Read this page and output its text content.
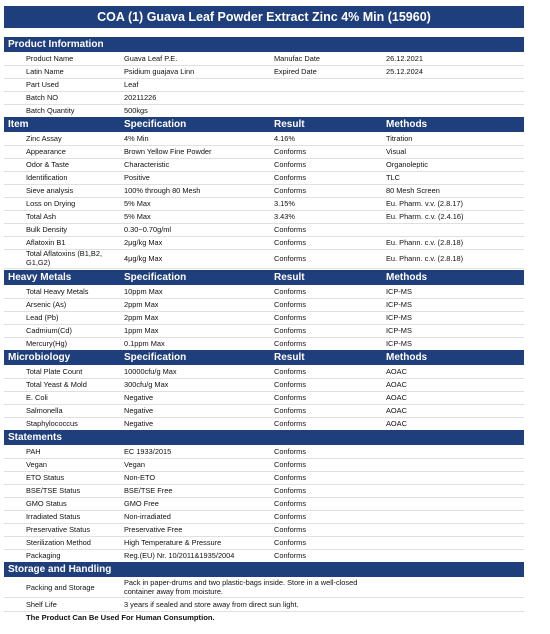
COA (1) Guava Leaf Powder Extract Zinc 4% Min (15960)
Product Information
Product Name	Guava Leaf P.E.	Manufac Date	26.12.2021
Latin Name	Psidium guajava Linn	Expired Date	25.12.2024
Part Used	Leaf
Batch NO	20211226
Batch Quantity	500kgs
Item	Specification	Result	Methods
Zinc Assay	4% Min	4.16%	Titration
Appearance	Brown Yellow Fine Powder	Conforms	Visual
Odor & Taste	Characteristic	Conforms	Organoleptic
Identification	Positive	Conforms	TLC
Sieve analysis	100% through 80 Mesh	Conforms	80 Mesh Screen
Loss on Drying	5% Max	3.15%	Eu. Pharm. v.v. (2.8.17)
Total Ash	5% Max	3.43%	Eu. Pharm. c.v. (2.4.16)
Bulk Density	0.30~0.70g/ml	Conforms
Aflatoxin B1	2μg/kg Max	Conforms	Eu. Phann. c.v. (2.8.18)
Total Aflatoxins (B1,B2, G1,G2)	4μg/kg Max	Conforms	Eu. Phann. c.v. (2.8.18)
Heavy Metals	Specification	Result	Methods
Total Heavy Metals	10ppm Max	Conforms	ICP-MS
Arsenic (As)	2ppm Max	Conforms	ICP-MS
Lead (Pb)	2ppm Max	Conforms	ICP-MS
Cadmium(Cd)	1ppm Max	Conforms	ICP-MS
Mercury(Hg)	0.1ppm Max	Conforms	ICP-MS
Microbiology	Specification	Result	Methods
Total Plate Count	10000cfu/g Max	Conforms	AOAC
Total Yeast & Mold	300cfu/g Max	Conforms	AOAC
E. Coli	Negative	Conforms	AOAC
Salmonella	Negative	Conforms	AOAC
Staphylococcus	Negative	Conforms	AOAC
Statements
PAH	EC 1933/2015	Conforms
Vegan	Vegan	Conforms
ETO Status	Non-ETO	Conforms
BSE/TSE Status	BSE/TSE Free	Conforms
GMO Status	GMO Free	Conforms
Irradiated Status	Non-irradiated	Conforms
Preservative Status	Preservative Free	Conforms
Sterilization Method	High Temperature & Pressure	Conforms
Packaging	Reg.(EU) Nr. 10/2011&1935/2004	Conforms
Storage and Handling
Packing and Storage
Pack in paper-drums and two plastic-bags inside. Store in a well-closed container away from moisture.
Shelf Life	3 years if sealed and store away from direct sun light.
The Product Can Be Used For Human Consumption.
